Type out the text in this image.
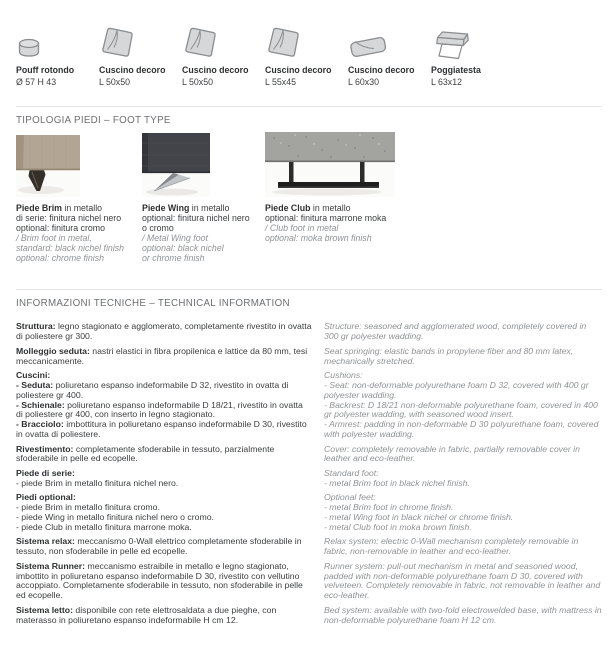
Pouff rotondo
Ø 57 H 43
Cuscino decoro
L 50x50
Cuscino decoro
L 50x50
Cuscino decoro
L 55x45
Cuscino decoro
L 60x30
Poggiatesta
L 63x12
TIPOLOGIA PIEDI – FOOT TYPE
Piede Brim in metallo
di serie: finitura nichel nero
optional: finitura cromo
/ Brim foot in metal,
standard: black nichel finish
optional: chrome finish
Piede Wing in metallo
optional: finitura nichel nero
o cromo
/ Metal Wing foot
optional: black nichel
or chrome finish
Piede Club in metallo
optional: finitura marrone moka
/ Club foot in metal
optional: moka brown finish
INFORMAZIONI TECNICHE – TECHNICAL INFORMATION

Struttura: legno stagionato e agglomerato, completamente rivestito in ovatta di poliestere gr 300.

Molleggio seduta: nastri elastici in fibra propilenica e lattice da 80 mm, tesi meccanicamente.

Cuscini:
- Seduta: poliuretano espanso indeformabile D 32, rivestito in ovatta di poliestere gr 400.
- Schienale: poliuretano espanso indeformabile D 18/21, rivestito in ovatta di poliestere gr 400, con inserto in legno stagionato.
- Bracciolo: imbottitura in poliuretano espanso indeformabile D 30, rivestito in ovatta di poliestere.

Rivestimento: completamente sfoderabile in tessuto, parzialmente sfoderabile in pelle ed ecopelle.

Piede di serie:
- piede Brim in metallo finitura nichel nero.

Piedi optional:
- piede Brim in metallo finitura cromo.
- piede Wing in metallo finitura nichel nero o cromo.
- piede Club in metallo finitura marrone moka.

Sistema relax: meccanismo 0-Wall elettrico completamente sfoderabile in tessuto, non sfoderabile in pelle ed ecopelle.

Sistema Runner: meccanismo estraibile in metallo e legno stagionato, imbottito in poliuretano espanso indeformabile D 30, rivestito con vellutino accoppiato. Completamente sfoderabile in tessuto, non sfoderabile in pelle ed ecopelle.

Sistema letto: disponibile con rete elettrosaldata a due pieghe, con materasso in poliuretano espanso indeformabile H cm 12.

Structure: seasoned and agglomerated wood, completely covered in 300 gr polyester wadding.

Seat springing: elastic bands in propylene fiber and 80 mm latex, mechanically stretched.

Cushions:
- Seat: non-deformable polyurethane foam D 32, covered with 400 gr polyester wadding.
- Backrest: D 18/21 non-deformable polyurethane foam, covered in 400 gr polyester wadding, with seasoned wood insert.
- Armrest: padding in non-deformable D 30 polyurethane foam, covered with polyester wadding.

Cover: completely removable in fabric, partially removable cover in leather and eco-leather.

Standard foot:
- metal Brim foot in black nichel finish.

Optional feet:
- metal Brim foot in chrome finish.
- metal Wing foot in black nichel or chrome finish.
- metal Club foot in moka brown finish.

Relax system: electric 0-Wall mechanism completely removable in fabric, non-removable in leather and eco-leather.

Runner system: pull-out mechanism in metal and seasoned wood, padded with non-deformable polyurethane foam D 30, covered with velveteen. Completely removable in fabric, not removable in leather and eco-leather.

Bed system: available with two-fold electrowelded base, with mattress in non-deformable polyurethane foam H 12 cm.
